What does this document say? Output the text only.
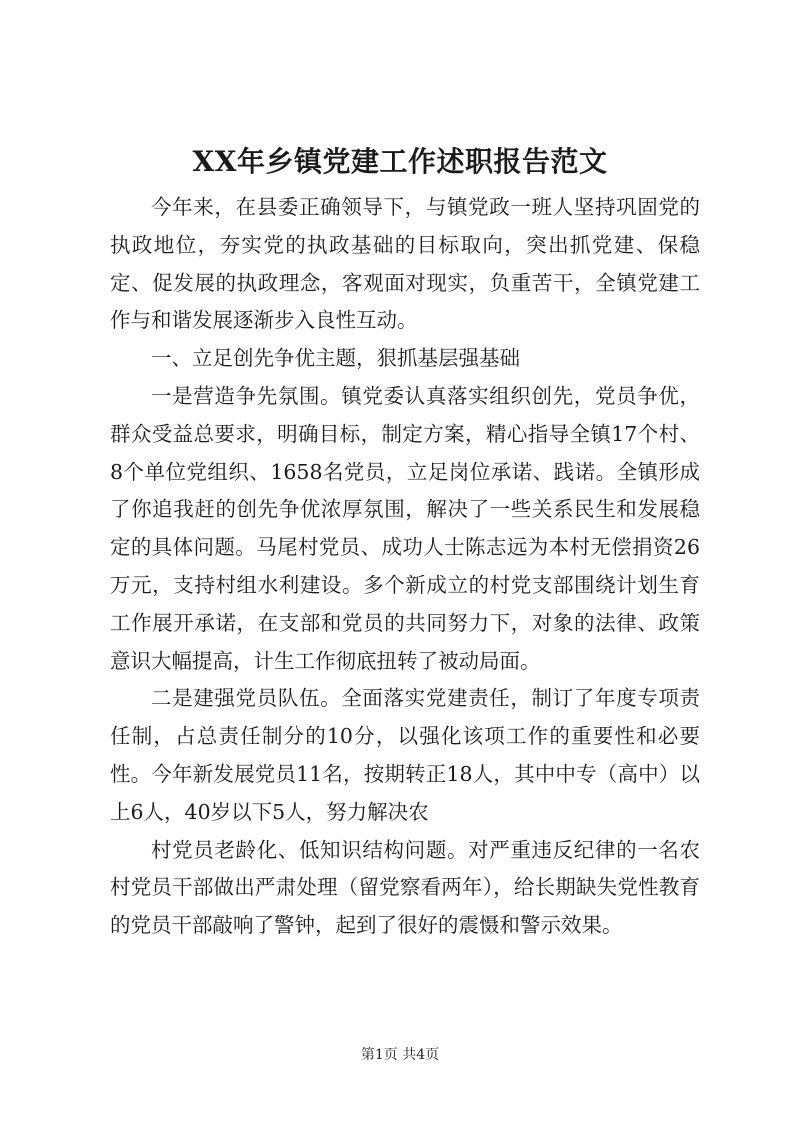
XX年乡镇党建工作述职报告范文

今年来，在县委正确领导下，与镇党政一班人坚持巩固党的执政地位，夯实党的执政基础的目标取向，突出抓党建、保稳定、促发展的执政理念，客观面对现实，负重苦干，全镇党建工作与和谐发展逐渐步入良性互动。

一、立足创先争优主题，狠抓基层强基础

一是营造争先氛围。镇党委认真落实组织创先，党员争优，群众受益总要求，明确目标，制定方案，精心指导全镇17个村、8个单位党组织、1658名党员，立足岗位承诺、践诺。全镇形成了你追我赶的创先争优浓厚氛围，解决了一些关系民生和发展稳定的具体问题。马尾村党员、成功人士陈志远为本村无偿捐资26万元，支持村组水利建设。多个新成立的村党支部围绕计划生育工作展开承诺，在支部和党员的共同努力下，对象的法律、政策意识大幅提高，计生工作彻底扭转了被动局面。

二是建强党员队伍。全面落实党建责任，制订了年度专项责任制，占总责任制分的10分，以强化该项工作的重要性和必要性。今年新发展党员11名，按期转正18人，其中中专（高中）以上6人，40岁以下5人，努力解决农

村党员老龄化、低知识结构问题。对严重违反纪律的一名农村党员干部做出严肃处理（留党察看两年），给长期缺失党性教育的党员干部敲响了警钟，起到了很好的震慑和警示效果。

第1页 共4页
